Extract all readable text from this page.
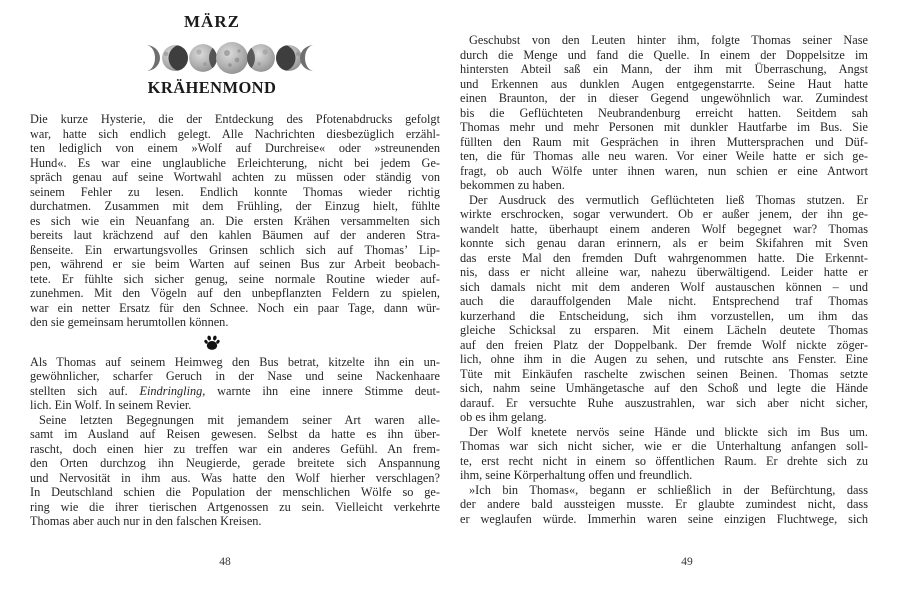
MÄRZ
KRÄHENMOND
Die kurze Hysterie, die der Entdeckung des Pfotenabdrucks gefolgt
war, hatte sich endlich gelegt. Alle Nachrichten diesbezüglich erzähl-
ten lediglich von einem »Wolf auf Durchreise« oder »streunenden
Hund«. Es war eine unglaubliche Erleichterung, nicht bei jedem Ge-
spräch genau auf seine Wortwahl achten zu müssen oder ständig von
seinem Fehler zu lesen. Endlich konnte Thomas wieder richtig
durchatmen. Zusammen mit dem Frühling, der Einzug hielt, fühlte
es sich wie ein Neuanfang an. Die ersten Krähen versammelten sich
bereits laut krächzend auf den kahlen Bäumen auf der anderen Stra-
ßenseite. Ein erwartungsvolles Grinsen schlich sich auf Thomas’ Lip-
pen, während er sie beim Warten auf seinen Bus zur Arbeit beobach-
tete. Er fühlte sich sicher genug, seine normale Routine wieder auf-
zunehmen. Mit den Vögeln auf den unbepflanzten Feldern zu spielen,
war ein netter Ersatz für den Schnee. Noch ein paar Tage, dann wür-
den sie gemeinsam herumtollen können.
Als Thomas auf seinem Heimweg den Bus betrat, kitzelte ihn ein un-
gewöhnlicher, scharfer Geruch in der Nase und seine Nackenhaare
stellten sich auf. Eindringling, warnte ihn eine innere Stimme deut-
lich. Ein Wolf. In seinem Revier.
Seine letzten Begegnungen mit jemandem seiner Art waren alle-
samt im Ausland auf Reisen gewesen. Selbst da hatte es ihn über-
rascht, doch einen hier zu treffen war ein anderes Gefühl. An frem-
den Orten durchzog ihn Neugierde, gerade breitete sich Anspannung
und Nervosität in ihm aus. Was hatte den Wolf hierher verschlagen?
In Deutschland schien die Population der menschlichen Wölfe so ge-
ring wie die ihrer tierischen Artgenossen zu sein. Vielleicht verkehrte
Thomas aber auch nur in den falschen Kreisen.
48
Geschubst von den Leuten hinter ihm, folgte Thomas seiner Nase
durch die Menge und fand die Quelle. In einem der Doppelsitze im
hintersten Abteil saß ein Mann, der ihm mit Überraschung, Angst
und Erkennen aus dunklen Augen entgegenstarrte. Seine Haut hatte
einen Braunton, der in dieser Gegend ungewöhnlich war. Zumindest
bis die Geflüchteten Neubrandenburg erreicht hatten. Seitdem sah
Thomas mehr und mehr Personen mit dunkler Hautfarbe im Bus. Sie
füllten den Raum mit Gesprächen in ihren Muttersprachen und Düf-
ten, die für Thomas alle neu waren. Vor einer Weile hatte er sich ge-
fragt, ob auch Wölfe unter ihnen waren, nun schien er eine Antwort
bekommen zu haben.
Der Ausdruck des vermutlich Geflüchteten ließ Thomas stutzen. Er
wirkte erschrocken, sogar verwundert. Ob er außer jenem, der ihn ge-
wandelt hatte, überhaupt einem anderen Wolf begegnet war? Thomas
konnte sich genau daran erinnern, als er beim Skifahren mit Sven
das erste Mal den fremden Duft wahrgenommen hatte. Die Erkennt-
nis, dass er nicht alleine war, nahezu überwältigend. Leider hatte er
sich damals nicht mit dem anderen Wolf austauschen können – und
auch die darauffolgenden Male nicht. Entsprechend traf Thomas
kurzerhand die Entscheidung, sich ihm vorzustellen, um ihm das
gleiche Schicksal zu ersparen. Mit einem Lächeln deutete Thomas
auf den freien Platz der Doppelbank. Der fremde Wolf nickte zöger-
lich, ohne ihm in die Augen zu sehen, und rutschte ans Fenster. Eine
Tüte mit Einkäufen raschelte zwischen seinen Beinen. Thomas setzte
sich, nahm seine Umhängetasche auf den Schoß und legte die Hände
darauf. Er versuchte Ruhe auszustrahlen, war sich aber nicht sicher,
ob es ihm gelang.
Der Wolf knetete nervös seine Hände und blickte sich im Bus um.
Thomas war sich nicht sicher, wie er die Unterhaltung anfangen soll-
te, erst recht nicht in einem so öffentlichen Raum. Er drehte sich zu
ihm, seine Körperhaltung offen und freundlich.
»Ich bin Thomas«, begann er schließlich in der Befürchtung, dass
der andere bald aussteigen musste. Er glaubte zumindest nicht, dass
er weglaufen würde. Immerhin waren seine einzigen Fluchtwege, sich
49
